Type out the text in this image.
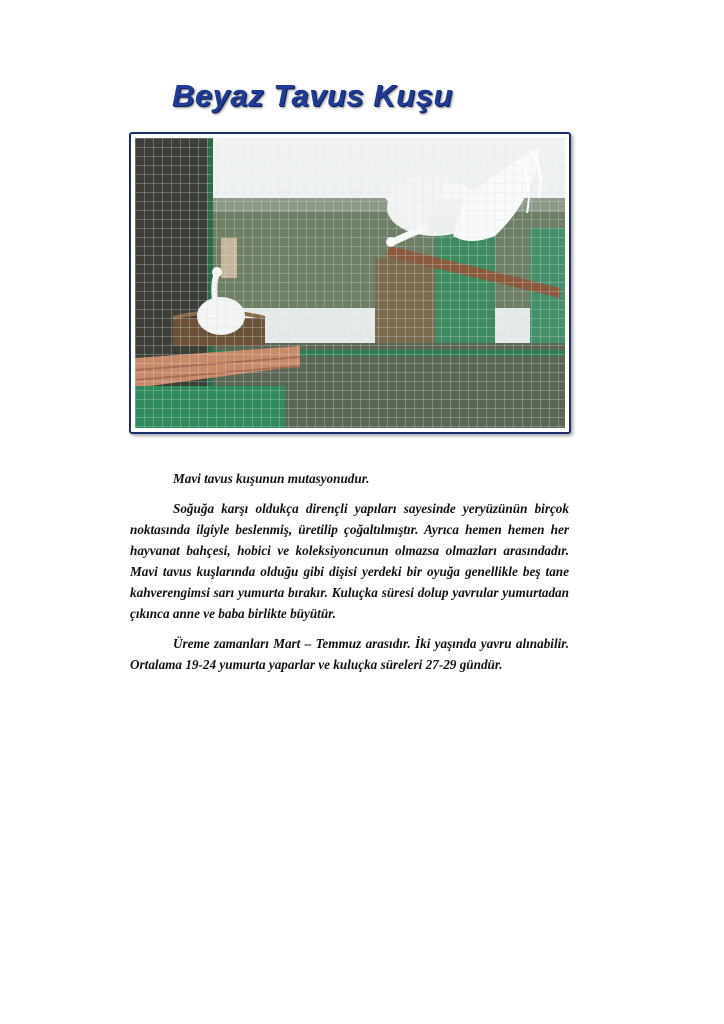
Beyaz Tavus Kuşu

Mavi tavus kuşunun mutasyonudur.

Soğuğa karşı oldukça dirençli yapıları sayesinde yeryüzünün birçok noktasında ilgiyle beslenmiş, üretilip çoğaltılmıştır. Ayrıca hemen hemen her hayvanat bahçesi, hobici ve koleksiyoncunun olmazsa olmazları arasındadır. Mavi tavus kuşlarında olduğu gibi dişisi yerdeki bir oyuğa genellikle beş tane kahverengimsi sarı yumurta bırakır. Kuluçka süresi dolup yavrular yumurtadan çıkınca anne ve baba birlikte büyütür.

Üreme zamanları Mart – Temmuz arasıdır. İki yaşında yavru alınabilir. Ortalama 19-24 yumurta yaparlar ve kuluçka süreleri 27-29 gündür.
